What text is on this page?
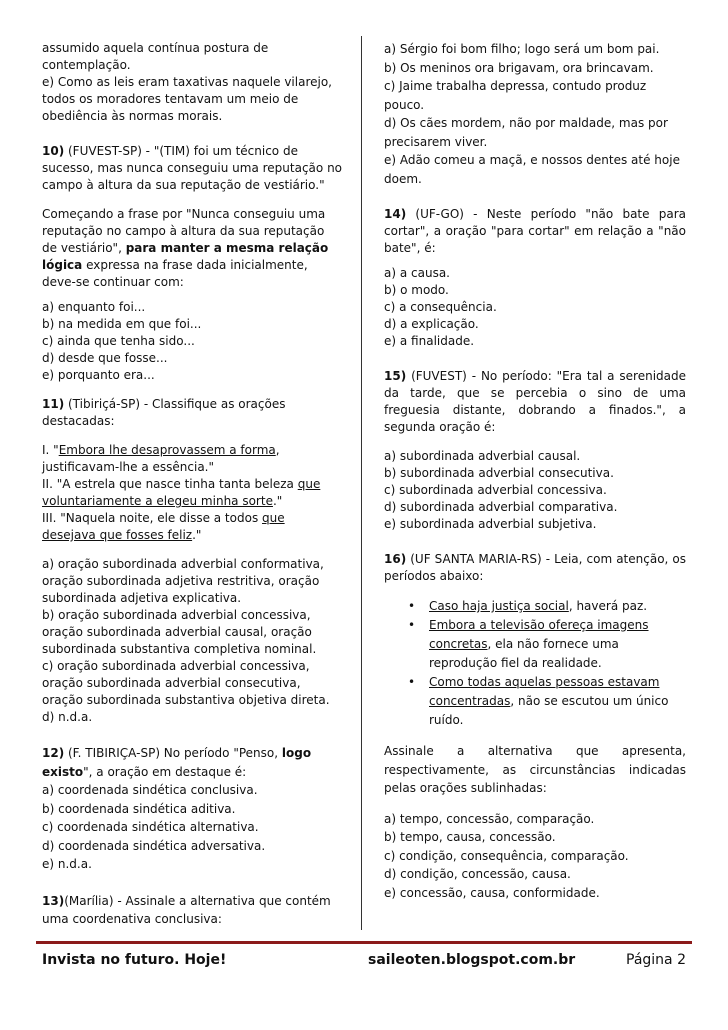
assumido aquela contínua postura de contemplação.

e) Como as leis eram taxativas naquele vilarejo, todos os moradores tentavam um meio de obediência às normas morais.

10) (FUVEST-SP) - "(TIM) foi um técnico de sucesso, mas nunca conseguiu uma reputação no campo à altura da sua reputação de vestiário."

Começando a frase por "Nunca conseguiu uma reputação no campo à altura da sua reputação de vestiário", para manter a mesma relação lógica expressa na frase dada inicialmente, deve-se continuar com:

a) enquanto foi...

b) na medida em que foi...

c) ainda que tenha sido...

d) desde que fosse...

e) porquanto era...

11) (Tibiriçá-SP) - Classifique as orações destacadas:

I. "Embora lhe desaprovassem a forma, justificavam-lhe a essência."

II. "A estrela que nasce tinha tanta beleza que voluntariamente a elegeu minha sorte."

III. "Naquela noite, ele disse a todos que desejava que fosses feliz."

a) oração subordinada adverbial conformativa, oração subordinada adjetiva restritiva, oração subordinada adjetiva explicativa.

b) oração subordinada adverbial concessiva, oração subordinada adverbial causal, oração subordinada substantiva completiva nominal.

c) oração subordinada adverbial concessiva, oração subordinada adverbial consecutiva, oração subordinada substantiva objetiva direta.

d) n.d.a.

12) (F. TIBIRIÇA-SP) No período "Penso, logo existo", a oração em destaque é:

a) coordenada sindética conclusiva.

b) coordenada sindética aditiva.

c) coordenada sindética alternativa.

d) coordenada sindética adversativa.

e) n.d.a.

13)(Marília) - Assinale a alternativa que contém uma coordenativa conclusiva:

a) Sérgio foi bom filho; logo será um bom pai.

b) Os meninos ora brigavam, ora brincavam.

c) Jaime trabalha depressa, contudo produz pouco.

d) Os cães mordem, não por maldade, mas por precisarem viver.

e) Adão comeu a maçã, e nossos dentes até hoje doem.

14) (UF-GO) - Neste período "não bate para cortar", a oração "para cortar" em relação a "não bate", é:

a) a causa.

b) o modo.

c) a consequência.

d) a explicação.

e) a finalidade.

15) (FUVEST) - No período: "Era tal a serenidade da tarde, que se percebia o sino de uma freguesia distante, dobrando a finados.", a segunda oração é:

a) subordinada adverbial causal.

b) subordinada adverbial consecutiva.

c) subordinada adverbial concessiva.

d) subordinada adverbial comparativa.

e) subordinada adverbial subjetiva.

16) (UF SANTA MARIA-RS) - Leia, com atenção, os períodos abaixo:

• Caso haja justiça social, haverá paz.
• Embora a televisão ofereça imagens concretas, ela não fornece uma reprodução fiel da realidade.
• Como todas aquelas pessoas estavam concentradas, não se escutou um único ruído.

Assinale a alternativa que apresenta, respectivamente, as circunstâncias indicadas pelas orações sublinhadas:

a) tempo, concessão, comparação.

b) tempo, causa, concessão.

c) condição, consequência, comparação.

d) condição, concessão, causa.

e) concessão, causa, conformidade.

Invista no futuro. Hoje!	saileoten.blogspot.com.br	Página 2
